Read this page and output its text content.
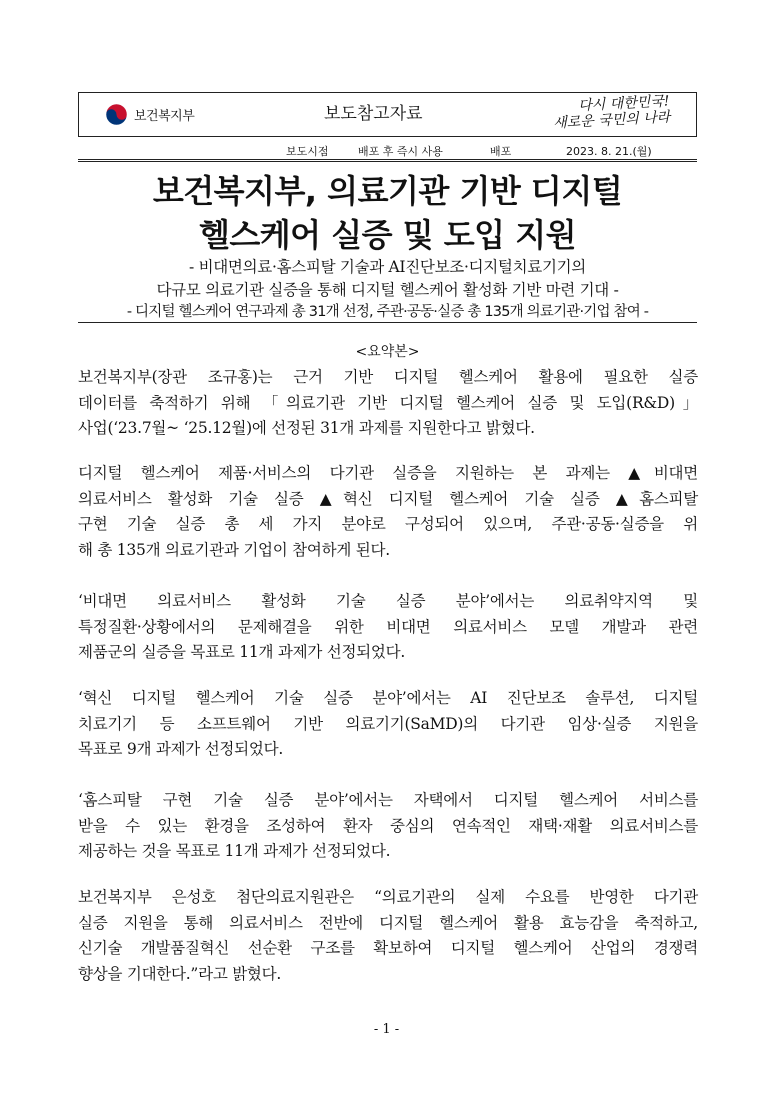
보건복지부	보도참고자료	다시 대한민국!
새로운 국민의 나라
보도시점	배포 후 즉시 사용	배포	2023. 8. 21.(월)
보건복지부, 의료기관 기반 디지털
헬스케어 실증 및 도입 지원
- 비대면의료·홈스피탈 기술과 AI진단보조·디지털치료기기의
다규모 의료기관 실증을 통해 디지털 헬스케어 활성화 기반 마련 기대 -
- 디지털 헬스케어 연구과제 총 31개 선정, 주관·공동·실증 총 135개 의료기관·기업 참여 -
<요약본>
보건복지부(장관 조규홍)는 근거 기반 디지털 헬스케어 활용에 필요한 실증
데이터를 축적하기 위해 「의료기관 기반 디지털 헬스케어 실증 및 도입(R&D)」
사업(‘23.7월~ ‘25.12월)에 선정된 31개 과제를 지원한다고 밝혔다.
디지털 헬스케어 제품·서비스의 다기관 실증을 지원하는 본 과제는 ▲비대면
의료서비스 활성화 기술 실증 ▲혁신 디지털 헬스케어 기술 실증 ▲홈스피탈
구현 기술 실증 총 세 가지 분야로 구성되어 있으며, 주관·공동·실증을 위
해 총 135개 의료기관과 기업이 참여하게 된다.
‘비대면 의료서비스 활성화 기술 실증 분야’에서는 의료취약지역 및
특정질환·상황에서의 문제해결을 위한 비대면 의료서비스 모델 개발과 관련
제품군의 실증을 목표로 11개 과제가 선정되었다.
‘혁신 디지털 헬스케어 기술 실증 분야’에서는 AI 진단보조 솔루션, 디지털
치료기기 등 소프트웨어 기반 의료기기(SaMD)의 다기관 임상·실증 지원을
목표로 9개 과제가 선정되었다.
‘홈스피탈 구현 기술 실증 분야’에서는 자택에서 디지털 헬스케어 서비스를
받을 수 있는 환경을 조성하여 환자 중심의 연속적인 재택·재활 의료서비스를
제공하는 것을 목표로 11개 과제가 선정되었다.
보건복지부 은성호 첨단의료지원관은 “의료기관의 실제 수요를 반영한 다기관
실증 지원을 통해 의료서비스 전반에 디지털 헬스케어 활용 효능감을 축적하고,
신기술 개발품질혁신 선순환 구조를 확보하여 디지털 헬스케어 산업의 경쟁력
향상을 기대한다.”라고 밝혔다.
- 1 -
